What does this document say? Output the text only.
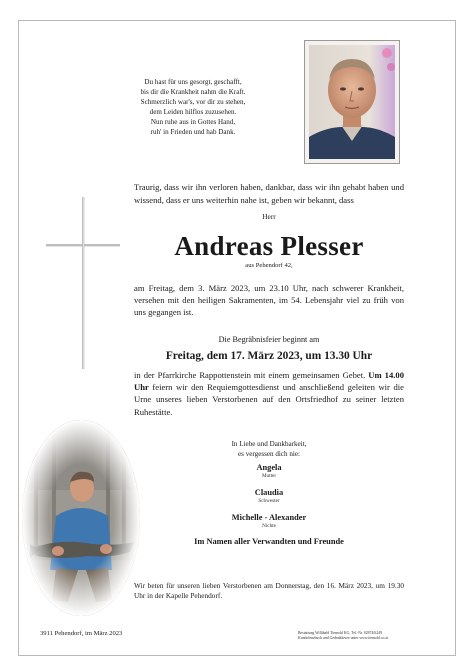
Du hast für uns gesorgt, geschafft,
bis dir die Krankheit nahm die Kraft.
Schmerzlich war's, vor dir zu stehen,
dem Leiden hilflos zuzusehen.
Nun ruhe aus in Gottes Hand,
ruh' in Frieden und hab Dank.
Traurig, dass wir ihn verloren haben, dankbar, dass wir ihn gehabt haben und wissend, dass er uns weiterhin nahe ist, geben wir bekannt, dass
Herr
Andreas Plesser
aus Pehendorf 42,
am Freitag, dem 3. März 2023, um 23.10 Uhr, nach schwerer Krankheit, versehen mit den heiligen Sakramenten, im 54. Lebensjahr viel zu früh von uns gegangen ist.
Die Begräbnisfeier beginnt am
Freitag, dem 17. März 2023, um 13.30 Uhr
in der Pfarrkirche Rappottenstein mit einem gemeinsamen Gebet. Um 14.00 Uhr feiern wir den Requiemgottesdienst und anschließend geleiten wir die Urne unseres lieben Verstorbenen auf den Ortsfriedhof zu seiner letzten Ruhestätte.
In Liebe und Dankbarkeit,
es vergessen dich nie:
Angela
Mutter
Claudia
Schwester
Michelle - Alexander
Nichte
Im Namen aller Verwandten und Freunde
Wir beten für unseren lieben Verstorbenen am Donnerstag, den 16. März 2023, um 19.30 Uhr in der Kapelle Pehendorf.
3911 Pehendorf, im März 2023	Bestattung Willibald Tiemohl KG, Tel.-Nr. 02874/6249
Kondolenzbuch und Gedenkkerze unter www.tiemohl.co.at
